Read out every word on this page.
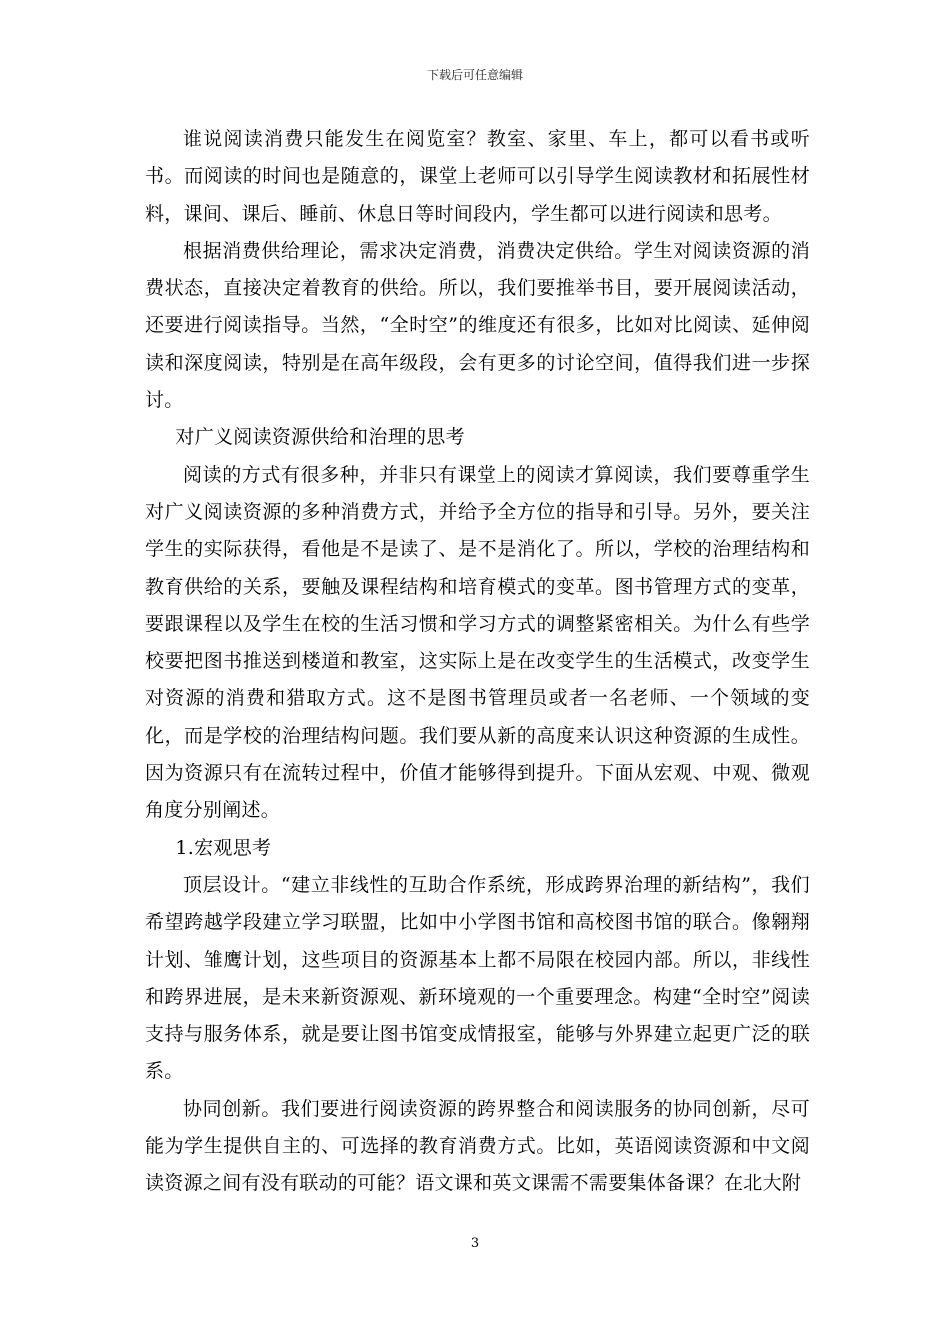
下载后可任意编辑

谁说阅读消费只能发生在阅览室？教室、家里、车上，都可以看书或听书。而阅读的时间也是随意的，课堂上老师可以引导学生阅读教材和拓展性材料，课间、课后、睡前、休息日等时间段内，学生都可以进行阅读和思考。

根据消费供给理论，需求决定消费，消费决定供给。学生对阅读资源的消费状态，直接决定着教育的供给。所以，我们要推举书目，要开展阅读活动，还要进行阅读指导。当然，“全时空”的维度还有很多，比如对比阅读、延伸阅读和深度阅读，特别是在高年级段，会有更多的讨论空间，值得我们进一步探讨。

对广义阅读资源供给和治理的思考

阅读的方式有很多种，并非只有课堂上的阅读才算阅读，我们要尊重学生对广义阅读资源的多种消费方式，并给予全方位的指导和引导。另外，要关注学生的实际获得，看他是不是读了、是不是消化了。所以，学校的治理结构和教育供给的关系，要触及课程结构和培育模式的变革。图书管理方式的变革，要跟课程以及学生在校的生活习惯和学习方式的调整紧密相关。为什么有些学校要把图书推送到楼道和教室，这实际上是在改变学生的生活模式，改变学生对资源的消费和猎取方式。这不是图书管理员或者一名老师、一个领域的变化，而是学校的治理结构问题。我们要从新的高度来认识这种资源的生成性。因为资源只有在流转过程中，价值才能够得到提升。下面从宏观、中观、微观角度分别阐述。

1.宏观思考

顶层设计。“建立非线性的互助合作系统，形成跨界治理的新结构”，我们希望跨越学段建立学习联盟，比如中小学图书馆和高校图书馆的联合。像翱翔计划、雏鹰计划，这些项目的资源基本上都不局限在校园内部。所以，非线性和跨界进展，是未来新资源观、新环境观的一个重要理念。构建“全时空”阅读支持与服务体系，就是要让图书馆变成情报室，能够与外界建立起更广泛的联系。

协同创新。我们要进行阅读资源的跨界整合和阅读服务的协同创新，尽可能为学生提供自主的、可选择的教育消费方式。比如，英语阅读资源和中文阅读资源之间有没有联动的可能？语文课和英文课需不需要集体备课？在北大附

3
